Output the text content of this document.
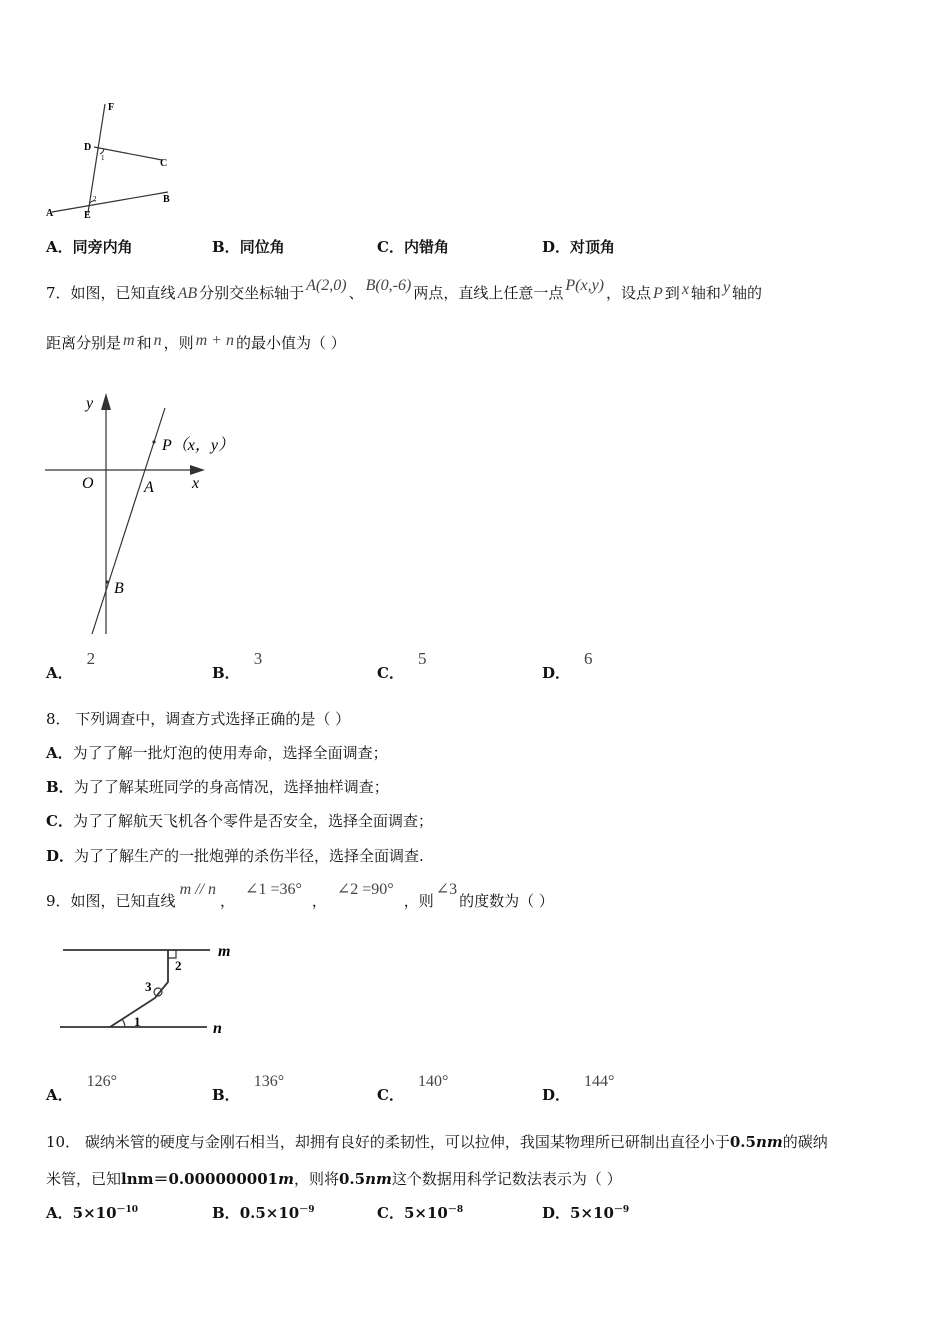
F
D
1	C
2	B
A	E
A．同旁内角	B．同位角	C．内错角	D．对顶角
7．如图，已知直线 AB 分别交坐标轴于 A(2,0) 、 B(0,-6) 两点，直线上任意一点 P(x,y) ，设点 P 到 x 轴和 y 轴的
距离分别是 m 和 n ，则 m + n 的最小值为（ ）
y
P（x，y）
O	A x
B
A．2
B．3
C．5
D．6
8． 下列调查中，调查方式选择正确的是（ ）
A．为了了解一批灯泡的使用寿命，选择全面调查；
B．为了了解某班同学的身高情况，选择抽样调查；
C．为了了解航天飞机各个零件是否安全，选择全面调查；
D．为了了解生产的一批炮弹的杀伤半径，选择全面调查.
9．如图，已知直线m // n，∠1 =36°，∠2 =90°，则∠3的度数为（ ）
m
n
2
3
1
A．126°
B．136°
C．140°
D．144°
10． 碳纳米管的硬度与金刚石相当，却拥有良好的柔韧性，可以拉伸，我国某物理所已研制出直径小于0.5nm的碳纳
米管，已知lnm＝0.000000001m，则将0.5nm这个数据用科学记数法表示为（ ）
A．$5\times 10^{-10}$	B．$0.5\times 10^{-9}$	C．$5\times 10^{-8}$	D．$5\times 10^{-9}$
